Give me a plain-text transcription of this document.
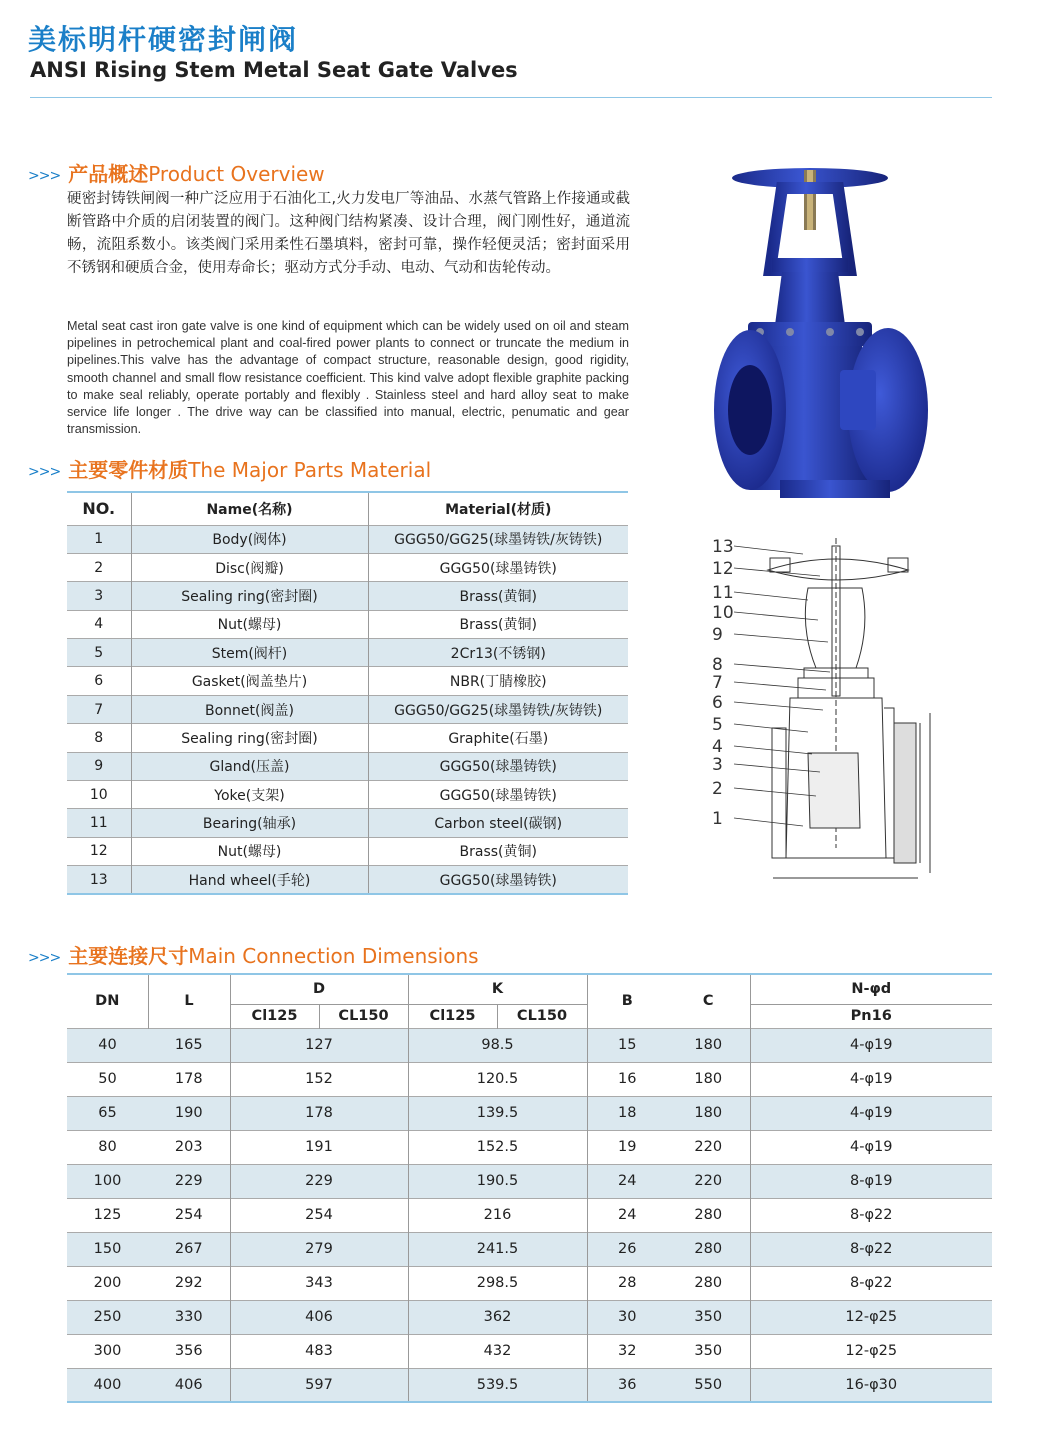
美标明杆硬密封闸阀
ANSI Rising Stem Metal Seat Gate Valves
>>> 产品概述Product Overview
硬密封铸铁闸阀一种广泛应用于石油化工,火力发电厂等油品、水蒸气管路上作接通或截断管路中介质的启闭装置的阀门。这种阀门结构紧凑、设计合理，阀门刚性好，通道流畅，流阻系数小。该类阀门采用柔性石墨填料，密封可靠，操作轻便灵活；密封面采用不锈钢和硬质合金，使用寿命长；驱动方式分手动、电动、气动和齿轮传动。
Metal seat cast iron gate valve is one kind of equipment which can be widely used on oil and steam pipelines in petrochemical plant and coal-fired power plants to connect or truncate the medium in pipelines.This valve has the advantage of compact structure, reasonable design, good rigidity, smooth channel and small flow resistance coefficient. This kind valve adopt flexible graphite packing to make seal reliably, operate portably and flexibly . Stainless steel and hard alloy seat to make service life longer . The drive way can be classified into manual, electric, penumatic and gear transmission.
>>> 主要零件材质The Major Parts Material
NO.	Name(名称)	Material(材质)
1	Body(阀体)	GGG50/GG25(球墨铸铁/灰铸铁)
2	Disc(阀瓣)	GGG50(球墨铸铁)
3	Sealing ring(密封圈)	Brass(黄铜)
4	Nut(螺母)	Brass(黄铜)
5	Stem(阀杆)	2Cr13(不锈钢)
6	Gasket(阀盖垫片)	NBR(丁腈橡胶)
7	Bonnet(阀盖)	GGG50/GG25(球墨铸铁/灰铸铁)
8	Sealing ring(密封圈)	Graphite(石墨)
9	Gland(压盖)	GGG50(球墨铸铁)
10	Yoke(支架)	GGG50(球墨铸铁)
11	Bearing(轴承)	Carbon steel(碳钢)
12	Nut(螺母)	Brass(黄铜)
13	Hand wheel(手轮)	GGG50(球墨铸铁)
13
12
11
10
9
8
7
6
5
4
3
2
1
>>> 主要连接尺寸Main Connection Dimensions
DN	L	D		K		B	C	N-φd
		Cl125	CL150	Cl125	CL150			Pn16
40	165	127		98.5		15	180	4-φ19
50	178	152		120.5		16	180	4-φ19
65	190	178		139.5		18	180	4-φ19
80	203	191		152.5		19	220	4-φ19
100	229	229		190.5		24	220	8-φ19
125	254	254		216		24	280	8-φ22
150	267	279		241.5		26	280	8-φ22
200	292	343		298.5		28	280	8-φ22
250	330	406		362		30	350	12-φ25
300	356	483		432		32	350	12-φ25
400	406	597		539.5		36	550	16-φ30
